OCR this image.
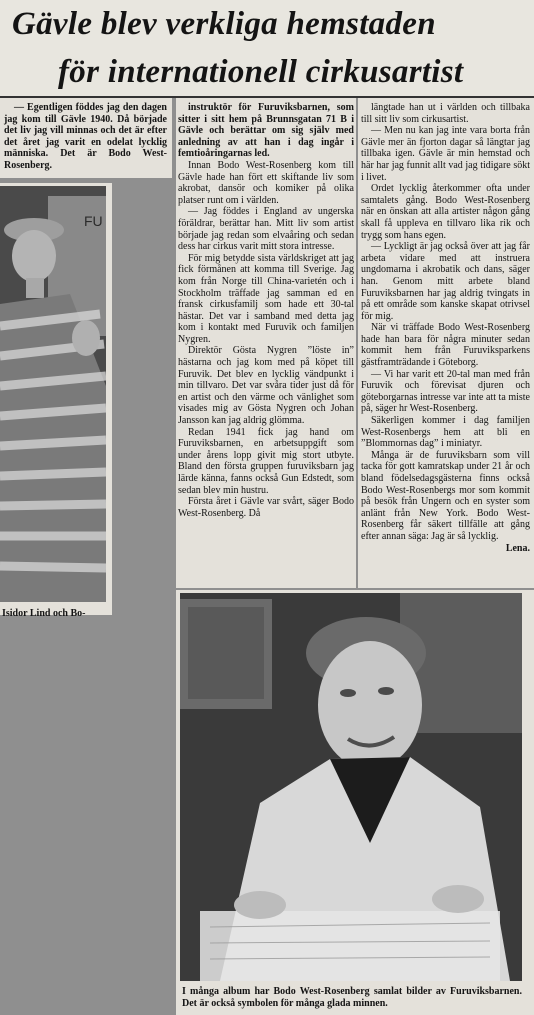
Gävle blev verkliga hemstaden
för internationell cirkusartist

— Egentligen föddes jag den dagen jag kom till Gävle 1940. Då började det liv jag vill minnas och det är efter det året jag varit en odelat lycklig människa. Det är Bodo West-Rosenberg.

FU
Isidor Lind och Bo-

instruktör för Furuviksbarnen, som sitter i sitt hem på Brunnsgatan 71 B i Gävle och berättar om sig själv med anledning av att han i dag ingår i femtioåringarnas led.

Innan Bodo West-Rosenberg kom till Gävle hade han fört ett skiftande liv som akrobat, dansör och komiker på olika platser runt om i världen.

— Jag föddes i England av ungerska föräldrar, berättar han. Mitt liv som artist började jag redan som elvaåring och sedan dess har cirkus varit mitt stora intresse.

För mig betydde sista världskriget att jag fick förmånen att komma till Sverige. Jag kom från Norge till China-varietén och i Stockholm träffade jag samman ed en fransk cirkusfamilj som hade ett 30-tal hästar. Det var i samband med detta jag kom i kontakt med Furuvik och familjen Nygren.

Direktör Gösta Nygren ”löste in” hästarna och jag kom med på köpet till Furuvik. Det blev en lycklig vändpunkt i min tillvaro. Det var svåra tider just då för en artist och den värme och vänlighet som visades mig av Gösta Nygren och Johan Jansson kan jag aldrig glömma.

Redan 1941 fick jag hand om Furuviksbarnen, en arbetsuppgift som under årens lopp givit mig stort utbyte. Bland den första gruppen furuviksbarn jag lärde känna, fanns också Gun Edstedt, som sedan blev min hustru.

Första året i Gävle var svårt, säger Bodo West-Rosenberg. Då

längtade han ut i världen och tillbaka till sitt liv som cirkusartist.

— Men nu kan jag inte vara borta från Gävle mer än fjorton dagar så längtar jag tillbaka igen. Gävle är min hemstad och här har jag funnit allt vad jag tidigare sökt i livet.

Ordet lycklig återkommer ofta under samtalets gång. Bodo West-Rosenberg när en önskan att alla artister någon gång skall få uppleva en tillvaro lika rik och trygg som hans egen.

— Lyckligt är jag också över att jag får arbeta vidare med att instruera ungdomarna i akrobatik och dans, säger han. Genom mitt arbete bland Furuviksbarnen har jag aldrig tvingats in på ett område som kanske skapat otrivsel för mig.

När vi träffade Bodo West-Rosenberg hade han bara för några minuter sedan kommit hem från Furuviksparkens gästframträdande i Göteborg.

— Vi har varit ett 20-tal man med från Furuvik och förevisat djuren och göteborgarnas intresse var inte att ta miste på, säger hr West-Rosenberg.

Säkerligen kommer i dag familjen West-Rosenbergs hem att bli en ”Blommornas dag” i miniatyr.

Många är de furuviksbarn som vill tacka för gott kamratskap under 21 år och bland födelsedagsgästerna finns också Bodo West-Rosenbergs mor som kommit på besök från Ungern och en syster som anlänt från New York. Bodo West-Rosenberg får säkert tillfälle att gång efter annan säga: Jag är så lycklig.

Lena.

I många album har Bodo West-Rosenberg samlat bilder av Furuviksbarnen. Det är också symbolen för många glada minnen.
